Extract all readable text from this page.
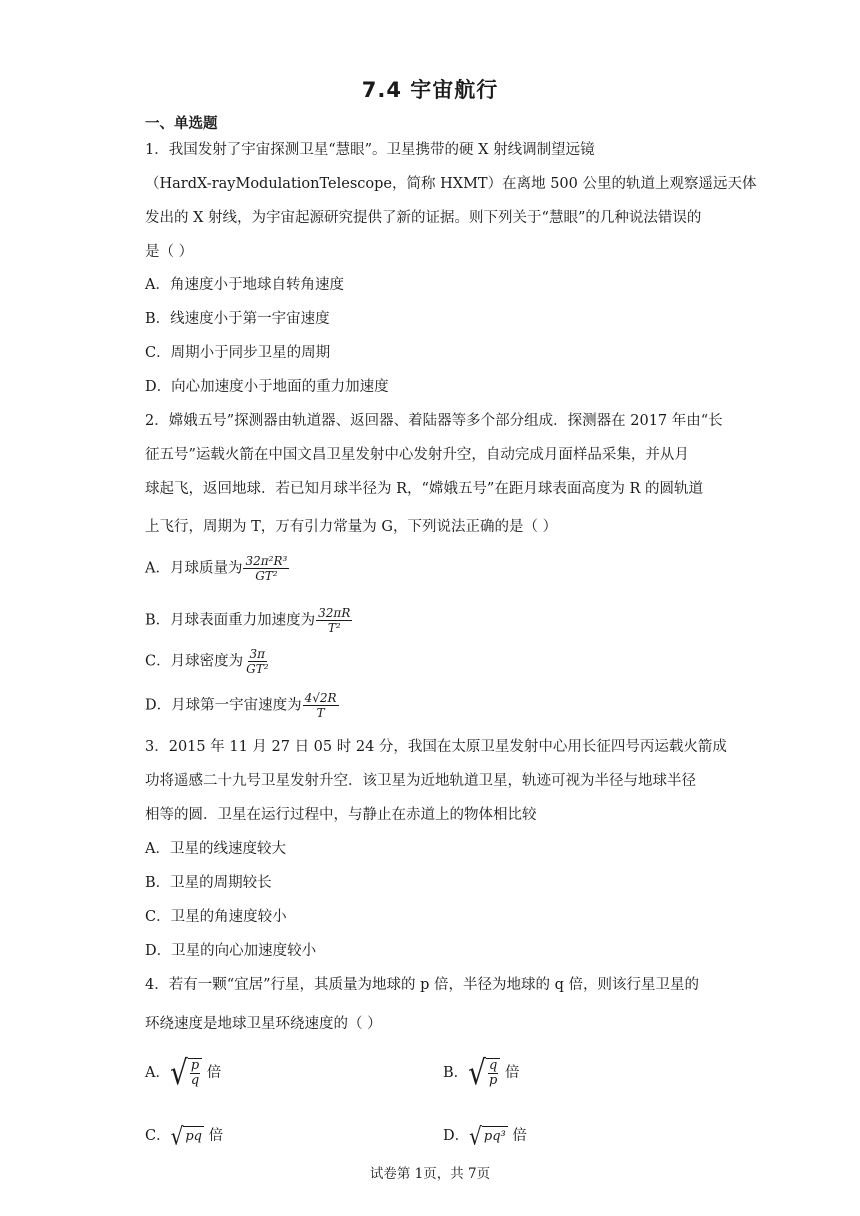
7.4 宇宙航行
一、单选题
1．我国发射了宇宙探测卫星“慧眼”。卫星携带的硬 X 射线调制望远镜
（HardX-rayModulationTelescope，简称 HXMT）在离地 500 公里的轨道上观察遥远天体
发出的 X 射线，为宇宙起源研究提供了新的证据。则下列关于“慧眼”的几种说法错误的
是（ ）
A．角速度小于地球自转角速度
B．线速度小于第一宇宙速度
C．周期小于同步卫星的周期
D．向心加速度小于地面的重力加速度
2．嫦娥五号”探测器由轨道器、返回器、着陆器等多个部分组成．探测器在 2017 年由“长
征五号”运载火箭在中国文昌卫星发射中心发射升空，自动完成月面样品采集，并从月
球起飞，返回地球．若已知月球半径为 R，“嫦娥五号”在距月球表面高度为 R 的圆轨道
上飞行，周期为 T，万有引力常量为 G，下列说法正确的是（ ）
A．月球质量为 $\frac{\text{32π²R³}}{\text{GT²}}$
B．月球表面重力加速度为 $\frac{32\pi R}{\text{T²}}$
C．月球密度为 $\frac{3\pi}{\text{GT²}}$
D．月球第一宇宙速度为 $\frac{4√2R}{T}$
3．2015 年 11 月 27 日 05 时 24 分，我国在太原卫星发射中心用长征四号丙运载火箭成
功将遥感二十九号卫星发射升空．该卫星为近地轨道卫星，轨迹可视为半径与地球半径
相等的圆．卫星在运行过程中，与静止在赤道上的物体相比较
A．卫星的线速度较大
B．卫星的周期较长
C．卫星的角速度较小
D．卫星的向心加速度较小
4．若有一颗“宜居”行星，其质量为地球的 p 倍，半径为地球的 q 倍，则该行星卫星的
环绕速度是地球卫星环绕速度的（ ）
A． √ $\frac{p}{q}$ 倍	B． √ $\frac{q}{p}$ 倍
C． √ pq 倍	D． √ pq³ 倍
试卷第 1页，共 7页
